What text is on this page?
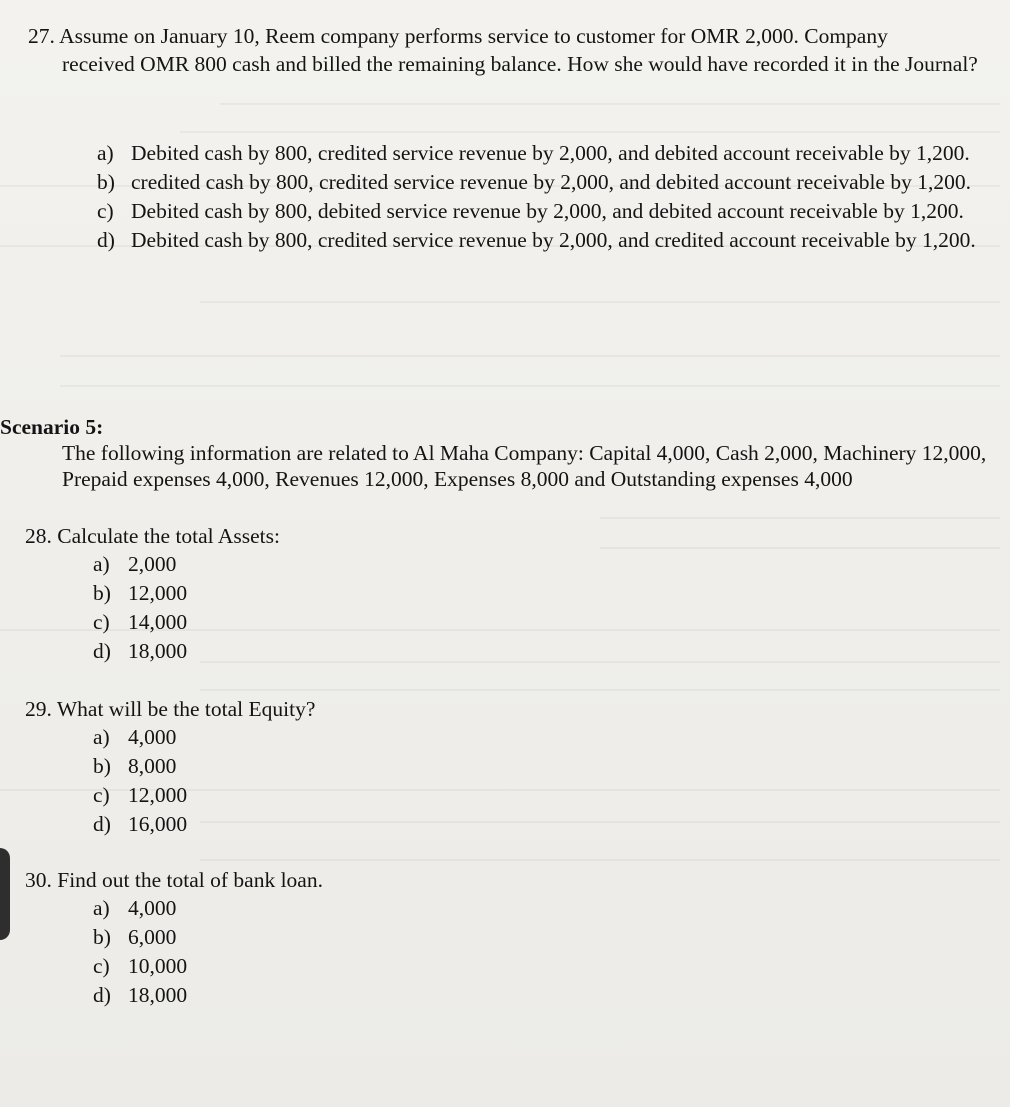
27. Assume on January 10, Reem company performs service to customer for OMR 2,000. Company
received OMR 800 cash and billed the remaining balance. How she would have recorded it in the Journal?
a) Debited cash by 800, credited service revenue by 2,000, and debited account receivable by 1,200.
b) credited cash by 800, credited service revenue by 2,000, and debited account receivable by 1,200.
c) Debited cash by 800, debited service revenue by 2,000, and debited account receivable by 1,200.
d) Debited cash by 800, credited service revenue by 2,000, and credited account receivable by 1,200.
Scenario 5:
The following information are related to Al Maha Company: Capital 4,000, Cash 2,000, Machinery 12,000, Prepaid expenses 4,000, Revenues 12,000, Expenses 8,000 and Outstanding expenses 4,000
28. Calculate the total Assets:
a) 2,000
b) 12,000
c) 14,000
d) 18,000
29. What will be the total Equity?
a) 4,000
b) 8,000
c) 12,000
d) 16,000
30. Find out the total of bank loan.
a) 4,000
b) 6,000
c) 10,000
d) 18,000
